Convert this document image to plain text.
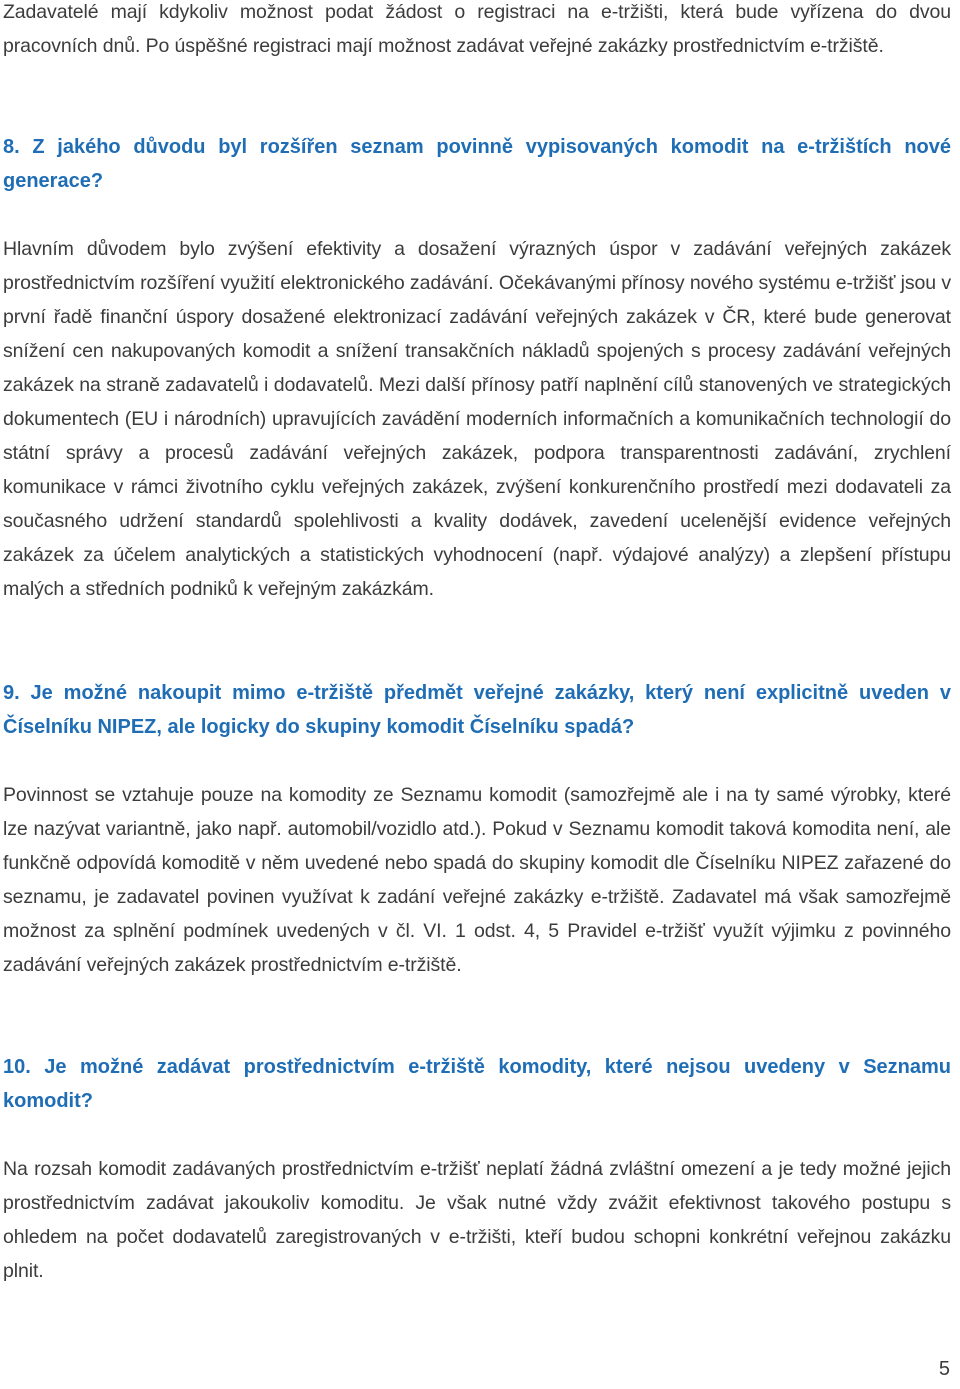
Zadavatelé mají kdykoliv možnost podat žádost o registraci na e-tržišti, která bude vyřízena do dvou pracovních dnů. Po úspěšné registraci mají možnost zadávat veřejné zakázky prostřednictvím e-tržiště.

8. Z jakého důvodu byl rozšířen seznam povinně vypisovaných komodit na e-tržištích nové generace?

Hlavním důvodem bylo zvýšení efektivity a dosažení výrazných úspor v zadávání veřejných zakázek prostřednictvím rozšíření využití elektronického zadávání. Očekávanými přínosy nového systému e-tržišť jsou v první řadě finanční úspory dosažené elektronizací zadávání veřejných zakázek v ČR, které bude generovat snížení cen nakupovaných komodit a snížení transakčních nákladů spojených s procesy zadávání veřejných zakázek na straně zadavatelů i dodavatelů. Mezi další přínosy patří naplnění cílů stanovených ve strategických dokumentech (EU i národních) upravujících zavádění moderních informačních a komunikačních technologií do státní správy a procesů zadávání veřejných zakázek, podpora transparentnosti zadávání, zrychlení komunikace v rámci životního cyklu veřejných zakázek, zvýšení konkurenčního prostředí mezi dodavateli za současného udržení standardů spolehlivosti a kvality dodávek, zavedení ucelenější evidence veřejných zakázek za účelem analytických a statistických vyhodnocení (např. výdajové analýzy) a zlepšení přístupu malých a středních podniků k veřejným zakázkám.

9. Je možné nakoupit mimo e-tržiště předmět veřejné zakázky, který není explicitně uveden v Číselníku NIPEZ, ale logicky do skupiny komodit Číselníku spadá?

Povinnost se vztahuje pouze na komodity ze Seznamu komodit (samozřejmě ale i na ty samé výrobky, které lze nazývat variantně, jako např. automobil/vozidlo atd.). Pokud v Seznamu komodit taková komodita není, ale funkčně odpovídá komoditě v něm uvedené nebo spadá do skupiny komodit dle Číselníku NIPEZ zařazené do seznamu, je zadavatel povinen využívat k zadání veřejné zakázky e-tržiště. Zadavatel má však samozřejmě možnost za splnění podmínek uvedených v čl. VI. 1 odst. 4, 5 Pravidel e-tržišť využít výjimku z povinného zadávání veřejných zakázek prostřednictvím e-tržiště.

10. Je možné zadávat prostřednictvím e-tržiště komodity, které nejsou uvedeny v Seznamu komodit?

Na rozsah komodit zadávaných prostřednictvím e-tržišť neplatí žádná zvláštní omezení a je tedy možné jejich prostřednictvím zadávat jakoukoliv komoditu. Je však nutné vždy zvážit efektivnost takového postupu s ohledem na počet dodavatelů zaregistrovaných v e-tržišti, kteří budou schopni konkrétní veřejnou zakázku plnit.

5
